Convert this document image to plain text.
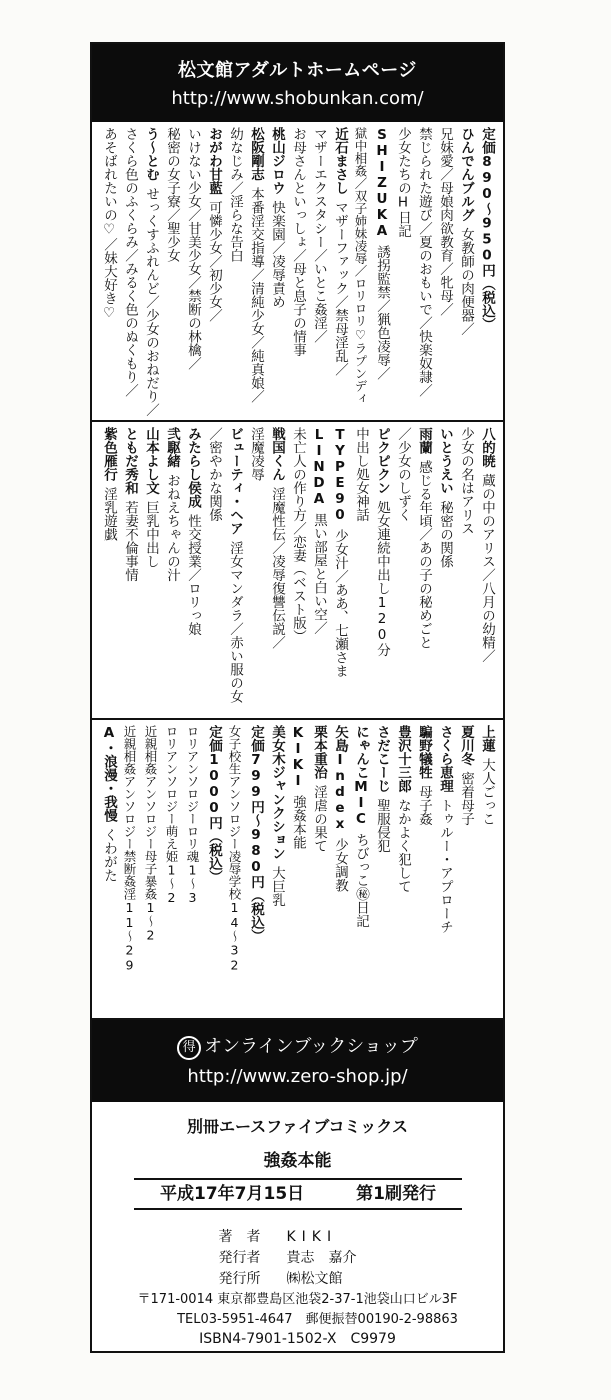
松文館アダルトホームページ
http://www.shobunkan.com/
定価890～950円（税込）
ひんでんブルグ女教師の肉便器／
兄妹愛／母娘肉欲教育／牝母／
禁じられた遊び／夏のおもいで／快楽奴隷／
少女たちのH日記
SHIZUKA誘拐監禁／猟色凌辱／
獄中相姦／双子姉妹凌辱／ロリロリ♡ラプンディ
近石まさしマザーファック／禁母淫乱／
マザーエクスタシー／いとこ姦淫／
お母さんといっしょ／母と息子の情事
桃山ジロウ快楽園／凌辱責め
松阪剛志本番淫交指導／清純少女／純真娘／
幼なじみ／淫らな告白
おがわ甘藍可憐少女／初少女／
いけない少女／甘美少女／禁断の林檎／
秘密の女子寮／聖少女
う～とむせっくすふれんど／少女のおねだり／
さくら色のふくらみ／みるく色のぬくもり／
あそばれたいの♡／妹大好き♡
八的暁蔵の中のアリス／八月の幼精／
少女の名はアリス
いとうえい秘密の関係
雨蘭感じる年頃／あの子の秘めごと
／少女のしずく
ピクピクン処女連続中出し120分
中出し処女神話
TYPE90少女汁／ああ、七瀬さま
LINDA黒い部屋と白い空／
未亡人の作り方／恋妻（ベスト版）
戦国くん淫魔性伝／凌辱復讐伝説／
淫魔凌辱
ビューティ・ヘア淫女マンダラ／赤い服の女
／密やかな関係
みたらし侯成性交授業／ロリっ娘
弐駆緒おねえちゃんの汁
山本よし文巨乳中出し
ともだ秀和若妻不倫事情
紫色雁行淫乳遊戯
上蓮大人ごっこ
夏川冬密着母子
さくら恵理トゥルー・アプローチ
騙野犠牲母子姦
豊沢十三郎なかよく犯して
さだこーじ聖服侵犯
にゃんこMICちびっこ㊙日記
矢島Index少女調教
栗本重治淫虐の果て
KIKI強姦本能
美女木ジャンクション大巨乳
定価799円～980円（税込）
女子校生アンソロジー凌辱学校14～32
定価1000円（税込）
ロリアンソロジーロリ魂1～3
ロリアンソロジー萌え姫1～2
近親相姦アンソロジー母子暴姦1～2
近親相姦アンソロジー禁断姦淫11～29
A・浪漫・我慢くわがた
得 オンラインブックショップ
http://www.zero-shop.jp/
別冊エースファイブコミックス
強姦本能
平成17年7月15日	第1刷発行
著　者 KIKI
発行者 貴志　嘉介
発行所 ㈱松文館
〒171-0014 東京都豊島区池袋2-37-1池袋山口ビル3F
TEL03-5951-4647　郵便振替00190-2-98863
ISBN4-7901-1502-X　C9979
